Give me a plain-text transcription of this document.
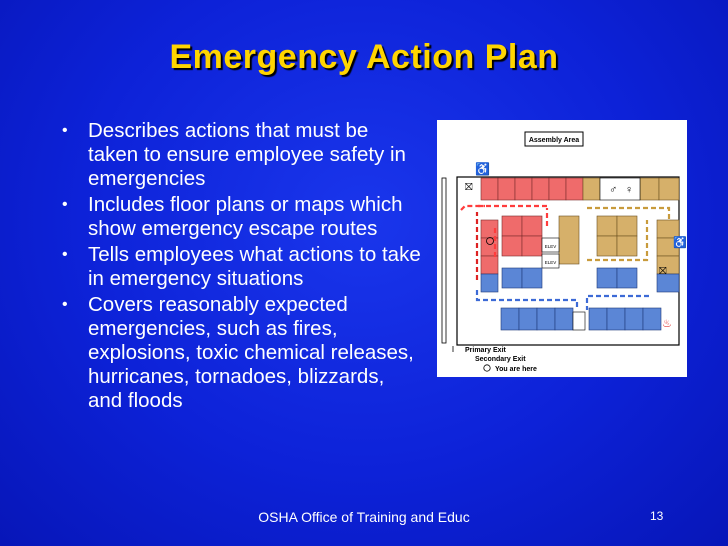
Emergency Action Plan
• Describes actions that must be taken to ensure employee safety in emergencies
• Includes floor plans or maps which show emergency escape routes
• Tells employees what actions to take in emergency situations
• Covers reasonably expected emergencies, such as fires, explosions, toxic chemical releases, hurricanes, tornadoes, blizzards, and floods
Assembly Area
♂ ♀
ELEV
ELEV
♨
⛝
⛝
♿
♿
Primary Exit
Secondary Exit
You are here
OSHA Office of Training and Educ	13
